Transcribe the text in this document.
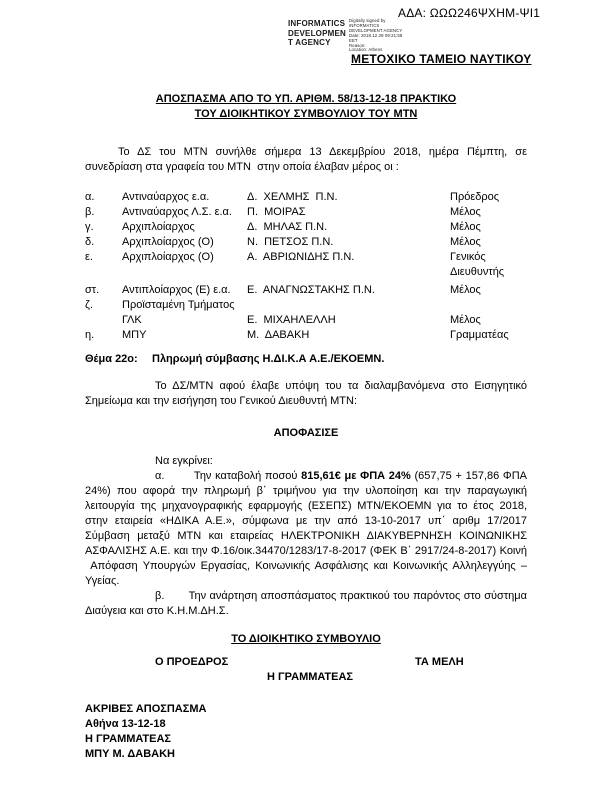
ΑΔΑ: ΩΩΩ246ΨΧΗΜ-ΨΙ1
INFORMATICS
DEVELOPMEN
T AGENCY
Digitally signed by
INFORMATICS
DEVELOPMENT AGENCY
Date: 2018.12.28 09:21:58
EET
Reason:
Location: Athens
ΜΕΤΟΧΙΚΟ ΤΑΜΕΙΟ ΝΑΥΤΙΚΟΥ
ΑΠΟΣΠΑΣΜΑ ΑΠΟ ΤΟ ΥΠ. ΑΡΙΘΜ. 58/13-12-18 ΠΡΑΚΤΙΚΟ
ΤΟΥ ΔΙΟΙΚΗΤΙΚΟΥ ΣΥΜΒΟΥΛΙΟΥ ΤΟΥ ΜΤΝ

Το ΔΣ του ΜΤΝ συνήλθε σήμερα 13 Δεκεμβρίου 2018, ημέρα Πέμπτη, σε συνεδρίαση στα γραφεία του ΜΤΝ  στην οποία έλαβαν μέρος οι :

α.	Αντιναύαρχος ε.α.	Δ.  ΧΕΛΜΗΣ  Π.Ν.	Πρόεδρος
β.	Αντιναύαρχος Λ.Σ. ε.α.	Π.  ΜΟΙΡΑΣ	Μέλος
γ.	Αρχιπλοίαρχος	Δ.  ΜΗΛΑΣ Π.Ν.	Μέλος
δ.	Αρχιπλοίαρχος (Ο)	Ν.  ΠΕΤΣΟΣ Π.Ν.	Μέλος
ε.	Αρχιπλοίαρχος (Ο)	Α.  ΑΒΡΙΩΝΙΔΗΣ Π.Ν.	Γενικός Διευθυντής
στ.	Αντιπλοίαρχος (Ε) ε.α.	Ε.  ΑΝΑΓΝΩΣΤΑΚΗΣ Π.Ν.	Μέλος
ζ.	Προϊσταμένη Τμήματος ΓΛΚ	Ε.  ΜΙΧΑΗΛΕΛΛΗ	Μέλος
η.	ΜΠΥ	Μ.  ΔΑΒΑΚΗ	Γραμματέας
Θέμα 22ο:	Πληρωμή σύμβασης Η.ΔΙ.Κ.Α Α.Ε./ΕΚΟΕΜΝ.

Το ΔΣ/ΜΤΝ αφού έλαβε υπόψη του τα διαλαμβανόμενα στο Εισηγητικό Σημείωμα και την εισήγηση του Γενικού Διευθυντή ΜΤΝ:

ΑΠΟΦΑΣΙΣΕ
Να εγκρίνει:

α.        Την καταβολή ποσού 815,61€ με ΦΠΑ 24% (657,75 + 157,86 ΦΠΑ 24%) που αφορά την πληρωμή β΄ τριμήνου για την υλοποίηση και την παραγωγική λειτουργία της μηχανογραφικής εφαρμογής (ΕΣΕΠΣ) ΜΤΝ/ΕΚΟΕΜΝ για το έτος 2018, στην εταιρεία «ΗΔΙΚΑ Α.Ε.», σύμφωνα με την από 13-10-2017 υπ΄ αριθμ 17/2017 Σύμβαση μεταξύ ΜΤΝ και εταιρείας ΗΛΕΚΤΡΟΝΙΚΗ ΔΙΑΚΥΒΕΡΝΗΣΗ ΚΟΙΝΩΝΙΚΗΣ ΑΣΦΑΛΙΣΗΣ Α.Ε. και την Φ.16/οικ.34470/1283/17-8-2017 (ΦΕΚ Β΄ 2917/24-8-2017) Κοινή  Απόφαση Υπουργών Εργασίας, Κοινωνικής Ασφάλισης και Κοινωνικής Αλληλεγγύης – Υγείας.

β.       Την ανάρτηση αποσπάσματος πρακτικού του παρόντος στο σύστημα Διαύγεια και στο Κ.Η.Μ.ΔΗ.Σ.

ΤΟ ΔΙΟΙΚΗΤΙΚΟ ΣΥΜΒΟΥΛΙΟ
Ο ΠΡΟΕΔΡΟΣ	ΤΑ ΜΕΛΗ
Η ΓΡΑΜΜΑΤΕΑΣ
ΑΚΡΙΒΕΣ ΑΠΟΣΠΑΣΜΑ
Αθήνα 13-12-18
Η ΓΡΑΜΜΑΤΕΑΣ
ΜΠΥ Μ. ΔΑΒΑΚΗ
